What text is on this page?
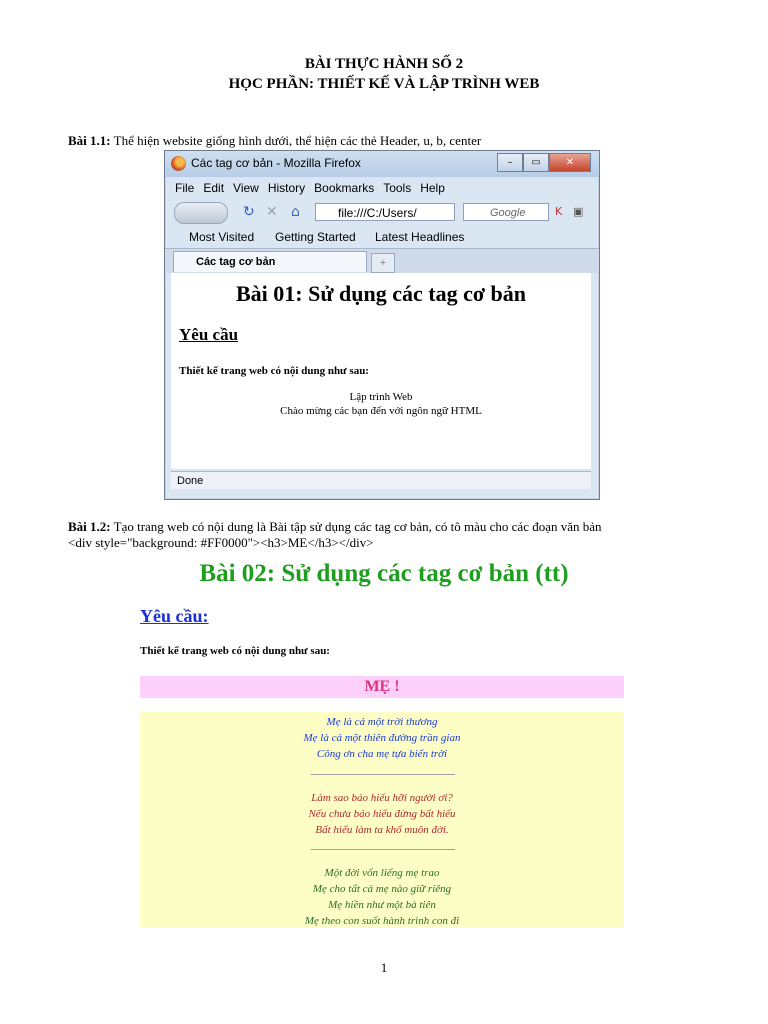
BÀI THỰC HÀNH SỐ 2
HỌC PHẦN: THIẾT KẾ VÀ LẬP TRÌNH WEB
Bài 1.1: Thể hiện website giống hình dưới, thể hiện các thẻ Header, u, b, center
Các tag cơ bản - Mozilla Firefox	–	▭	✕
File Edit View History Bookmarks Tools Help
↻ ✕ ⌂	file:///C:/Users/	Google	K ▣
Most Visited Getting Started Latest Headlines
Các tag cơ bản	+
Bài 01: Sử dụng các tag cơ bản
Yêu cầu
Thiết kế trang web có nội dung như sau:
Lập trình Web
Chào mừng các bạn đến với ngôn ngữ HTML
Done
Bài 1.2: Tạo trang web có nội dung là Bài tập sử dụng các tag cơ bản, có tô màu cho các đoạn văn bản
<div style="background: #FF0000"><h3>ME</h3></div>
Bài 02: Sử dụng các tag cơ bản (tt)
Yêu cầu:
Thiết kế trang web có nội dung như sau:
MẸ !
Mẹ là cả một trời thương
Mẹ là cả một thiên đường trần gian
Công ơn cha mẹ tựa biển trời
Làm sao báo hiếu hỡi người ơi?
Nếu chưa báo hiếu đừng bất hiếu
Bất hiếu làm ta khổ muôn đời.
Một đời vốn liếng mẹ trao
Mẹ cho tất cả mẹ nào giữ riêng
Mẹ hiền như một bà tiên
Mẹ theo con suốt hành trình con đi
1
